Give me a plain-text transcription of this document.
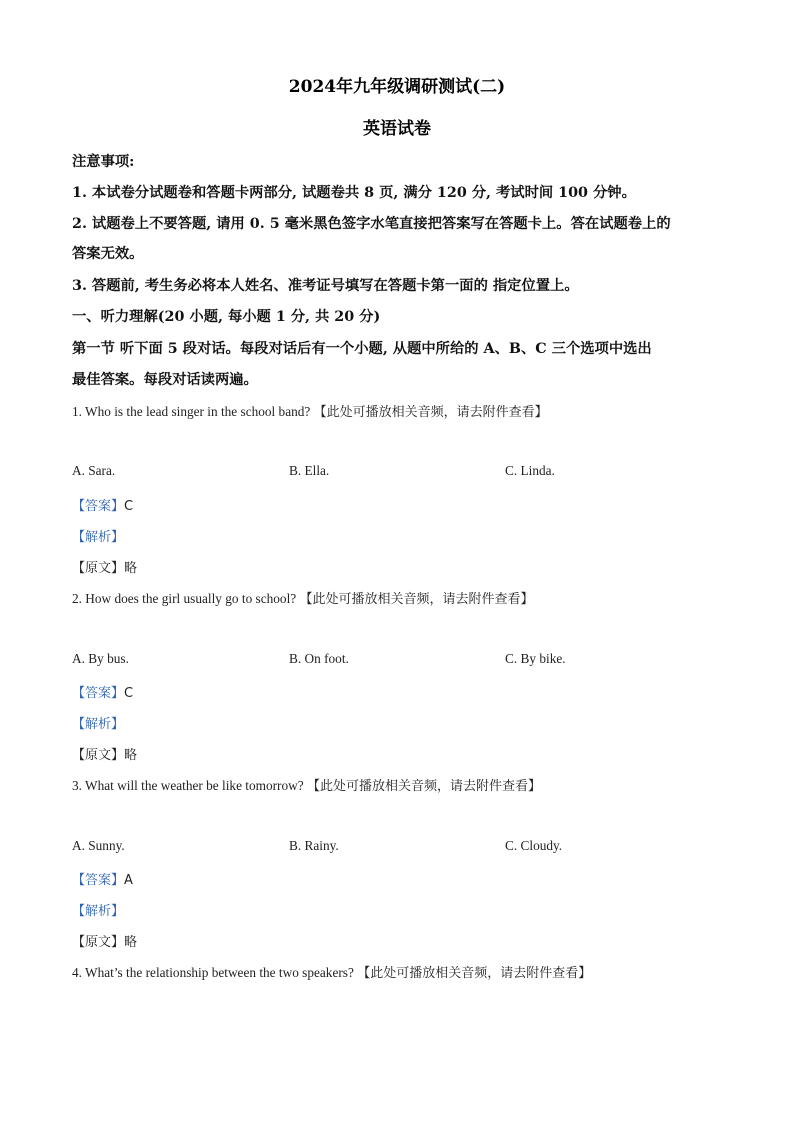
2024年九年级调研测试(二)
英语试卷
注意事项:
1. 本试卷分试题卷和答题卡两部分, 试题卷共 8 页, 满分 120 分, 考试时间 100 分钟。
2. 试题卷上不要答题, 请用 0. 5 毫米黑色签字水笔直接把答案写在答题卡上。答在试题卷上的
答案无效。
3. 答题前, 考生务必将本人姓名、准考证号填写在答题卡第一面的 指定位置上。
一、听力理解(20 小题, 每小题 1 分, 共 20 分)
第一节 听下面 5 段对话。每段对话后有一个小题, 从题中所给的 A、B、C 三个选项中选出
最佳答案。每段对话读两遍。
1. Who is the lead singer in the school band? 【此处可播放相关音频，请去附件查看】
A. Sara.	B. Ella.	C. Linda.
【答案】C
【解析】
【原文】略
2. How does the girl usually go to school? 【此处可播放相关音频，请去附件查看】
A. By bus.	B. On foot.	C. By bike.
【答案】C
【解析】
【原文】略
3. What will the weather be like tomorrow? 【此处可播放相关音频，请去附件查看】
A. Sunny.	B. Rainy.	C. Cloudy.
【答案】A
【解析】
【原文】略
4. What’s the relationship between the two speakers? 【此处可播放相关音频，请去附件查看】
